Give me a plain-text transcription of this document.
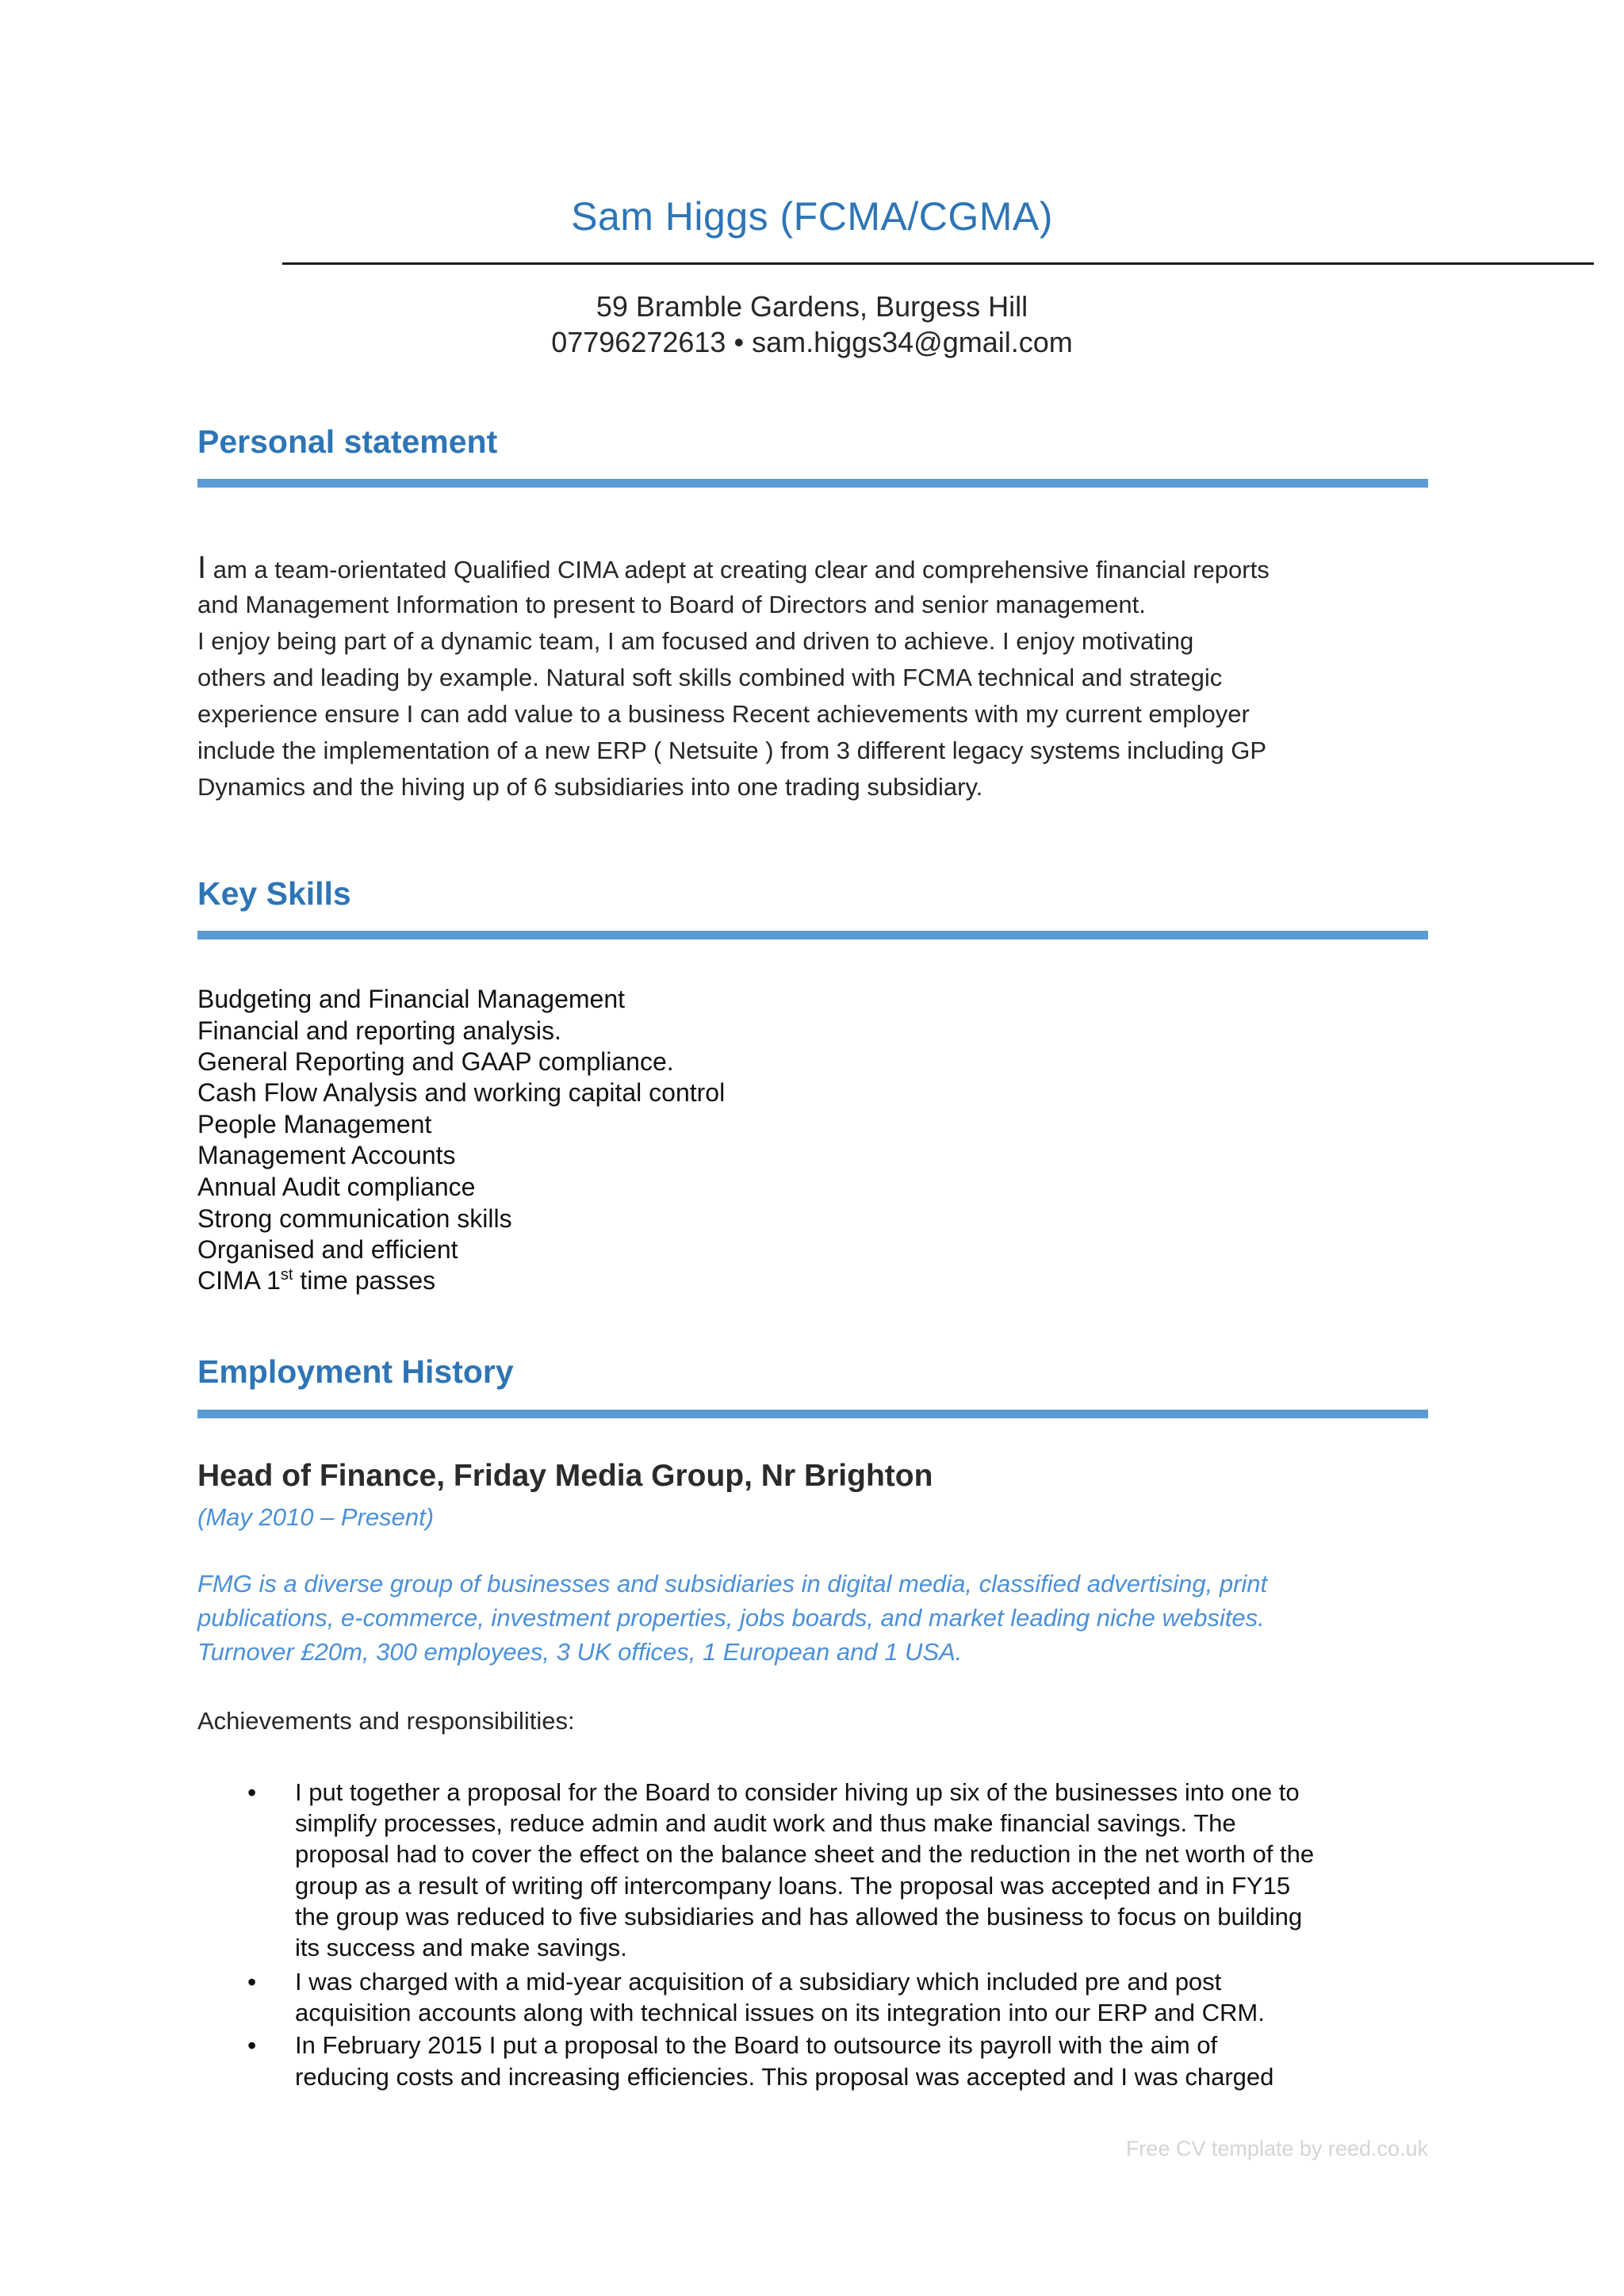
Sam Higgs (FCMA/CGMA)
59 Bramble Gardens, Burgess Hill
07796272613 • sam.higgs34@gmail.com
Personal statement
I am a team-orientated Qualified CIMA adept at creating clear and comprehensive financial reports
and Management Information to present to Board of Directors and senior management.
I enjoy being part of a dynamic team, I am focused and driven to achieve. I enjoy motivating
others and leading by example. Natural soft skills combined with FCMA technical and strategic
experience ensure I can add value to a business Recent achievements with my current employer
include the implementation of a new ERP ( Netsuite ) from 3 different legacy systems including GP
Dynamics and the hiving up of 6 subsidiaries into one trading subsidiary.
Key Skills
Budgeting and Financial Management
Financial and reporting analysis.
General Reporting and GAAP compliance.
Cash Flow Analysis and working capital control
People Management
Management Accounts
Annual Audit compliance
Strong communication skills
Organised and efficient
CIMA 1st time passes
Employment History
Head of Finance, Friday Media Group, Nr Brighton
(May 2010 – Present)
FMG is a diverse group of businesses and subsidiaries in digital media, classified advertising, print
publications, e-commerce, investment properties, jobs boards, and market leading niche websites.
Turnover £20m, 300 employees, 3 UK offices, 1 European and 1 USA.
Achievements and responsibilities:
• I put together a proposal for the Board to consider hiving up six of the businesses into one to
simplify processes, reduce admin and audit work and thus make financial savings. The
proposal had to cover the effect on the balance sheet and the reduction in the net worth of the
group as a result of writing off intercompany loans. The proposal was accepted and in FY15
the group was reduced to five subsidiaries and has allowed the business to focus on building
its success and make savings.
• I was charged with a mid-year acquisition of a subsidiary which included pre and post
acquisition accounts along with technical issues on its integration into our ERP and CRM.
• In February 2015 I put a proposal to the Board to outsource its payroll with the aim of
reducing costs and increasing efficiencies. This proposal was accepted and I was charged
Free CV template by reed.co.uk
